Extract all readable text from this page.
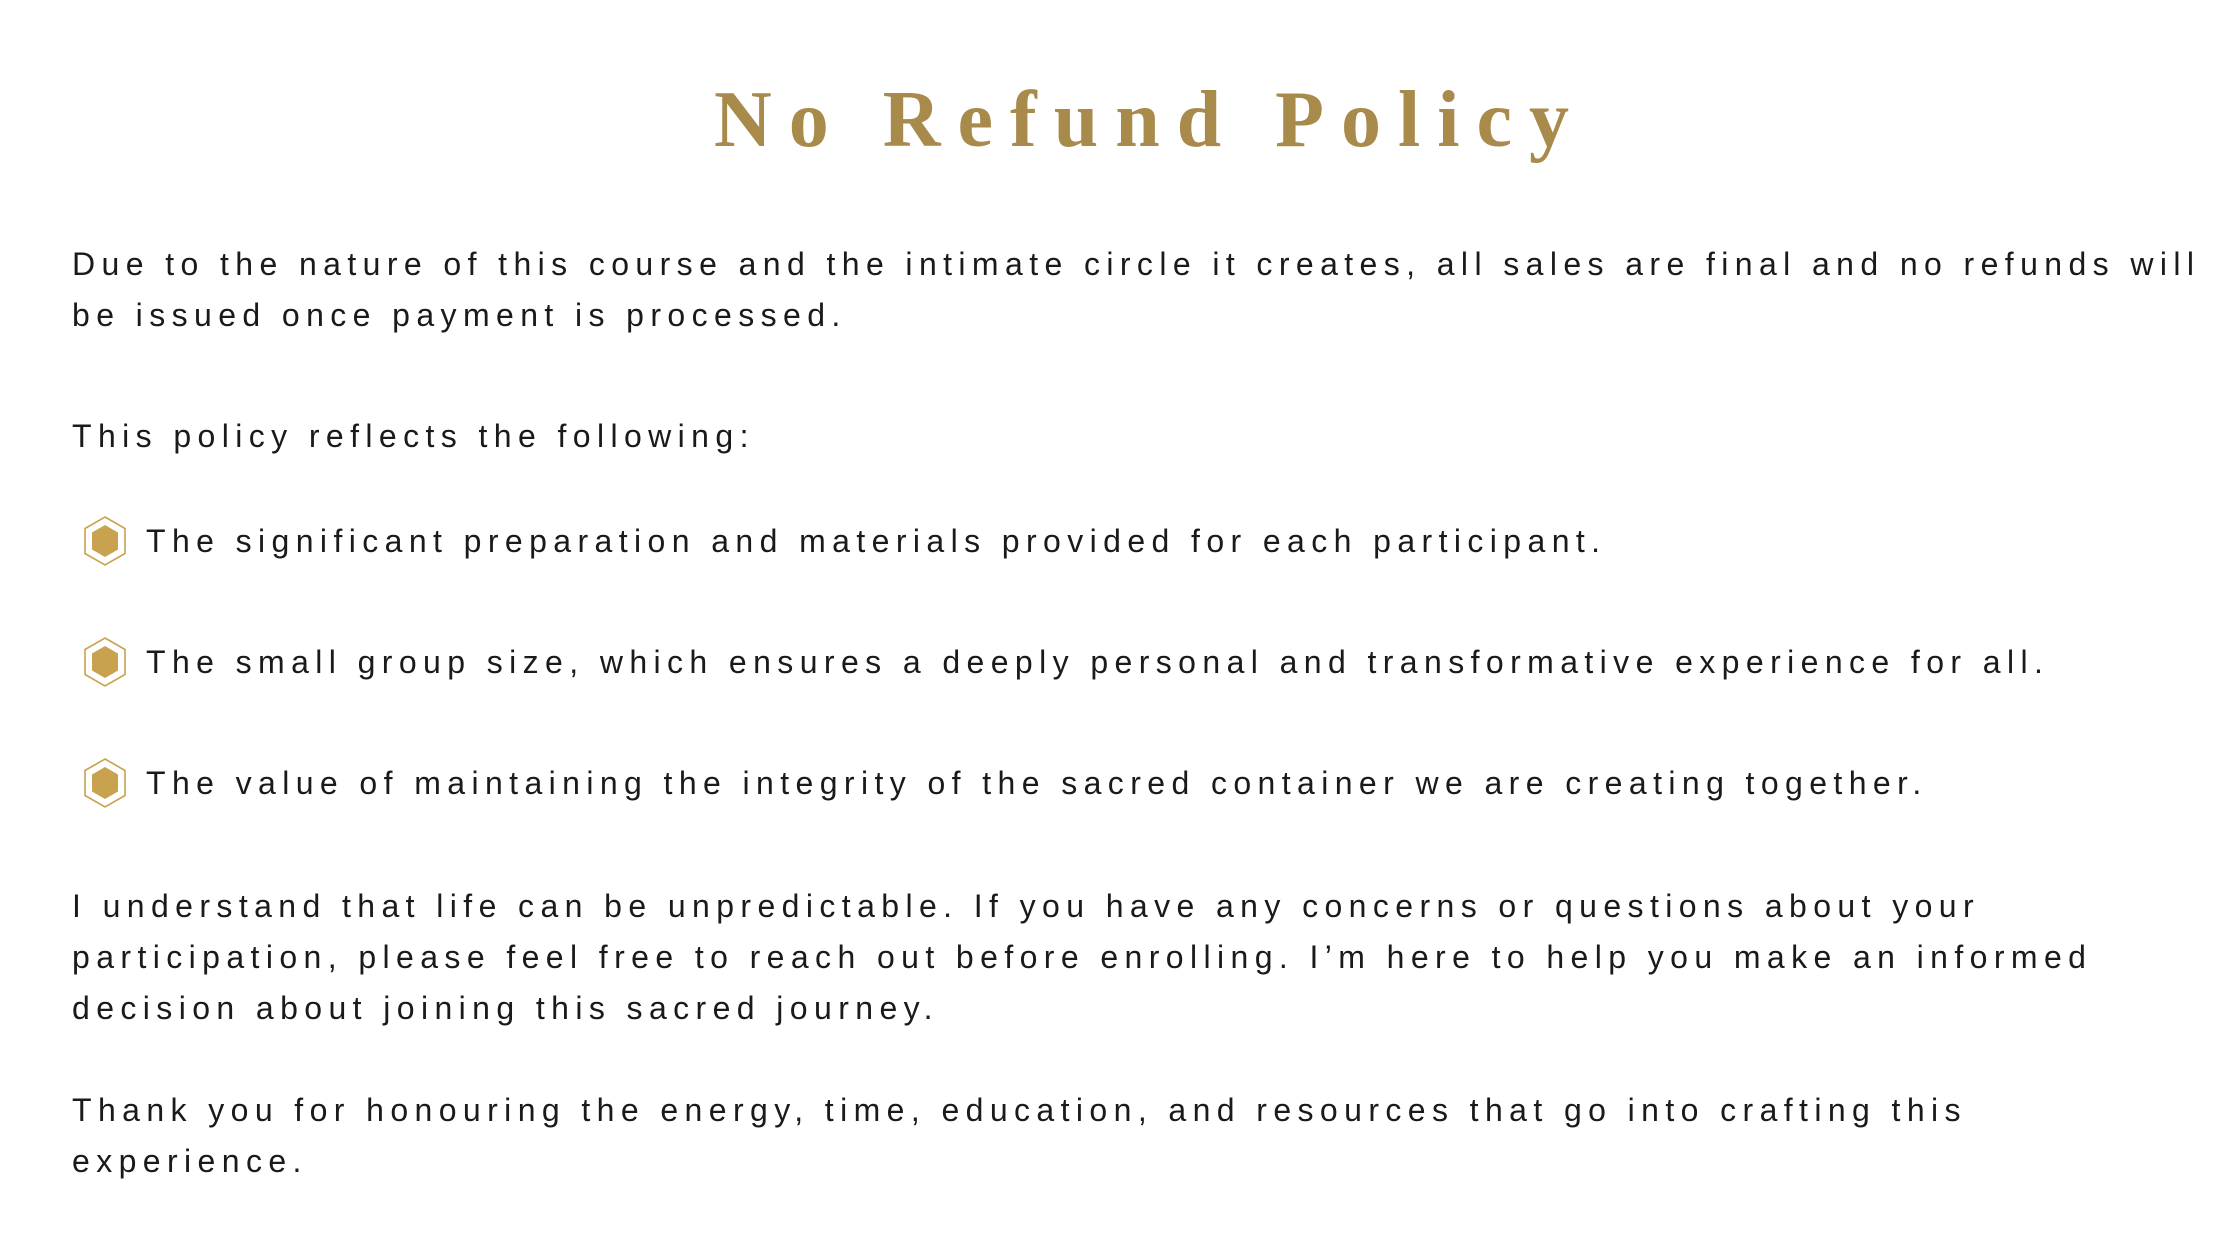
No Refund Policy

Due to the nature of this course and the intimate circle it creates, all sales are final and no refunds will be issued once payment is processed.

This policy reflects the following:

The significant preparation and materials provided for each participant.
The small group size, which ensures a deeply personal and transformative experience for all.
The value of maintaining the integrity of the sacred container we are creating together.

I understand that life can be unpredictable. If you have any concerns or questions about your participation, please feel free to reach out before enrolling. I’m here to help you make an informed decision about joining this sacred journey.

Thank you for honouring the energy, time, education, and resources that go into crafting this experience.
